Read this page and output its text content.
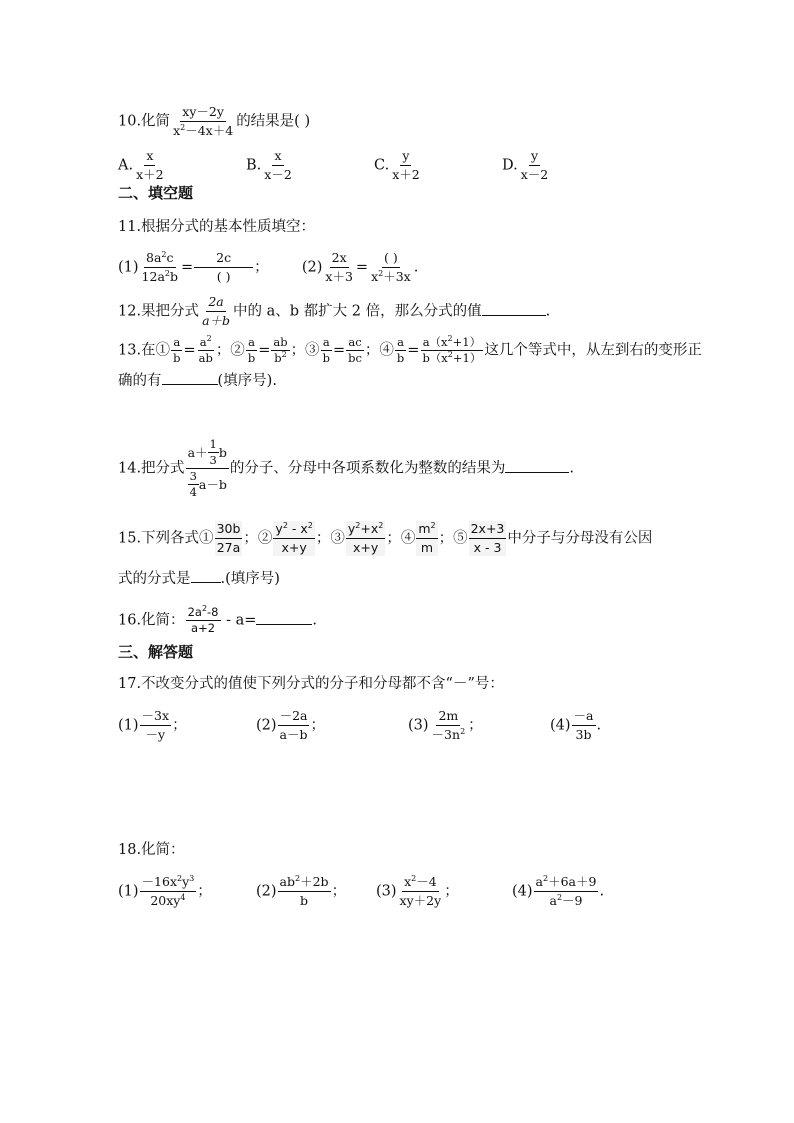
10.化简 $\frac{xy-2y}{x^2-4x+4}$ 的结果是( )
A. $\frac{x}{x+2}$	B. $\frac{x}{x-2}$	C. $\frac{y}{x+2}$	D. $\frac{y}{x-2}$
二、填空题
11.根据分式的基本性质填空：
$(1) \frac{8a^2c}{12a^2b} = \frac{2c}{( )}$ ； $(2) \frac{2x}{x+3} = \frac{( )}{x^2+3x}$ .
12.果把分式 $\frac{2a}{a+b}$ 中的 a、b 都扩大 2 倍，那么分式的值	.
13.在① $\frac{a}{b} = \frac{a^2}{ab}$ ；② $\frac{a}{b} = \frac{ab}{b^2}$ ；③ $\frac{a}{b} = \frac{ac}{bc}$ ；④ $\frac{a}{b} = \frac{a(x^2+1)}{b(x^2+1)}$ 这几个等式中，从左到右的变形正
确的有	(填序号).
14.把分式 $\frac{a+ \frac{1}{3} b}{\frac{3}{4} a-b}$ 的分子、分母中各项系数化为整数的结果为	.
15.下列各式① $\frac{30b}{27a}$ ；② $\frac{y^2 - x^2}{x+y}$ ；③ $\frac{y^2+x^2}{x+y}$ ；④ $\frac{m^2}{m}$ ；⑤ $\frac{2x+3}{x - 3}$ 中分子与分母没有公因
式的分式是 .(填序号)
16.化简： $\frac{2a^2-8}{a+2} - a=$	.
三、解答题
17.不改变分式的值使下列分式的分子和分母都不含“－”号：
$(1) \frac{-3x}{-y}$ ；	$(2) \frac{-2a}{a-b}$ ；	$(3) \frac{2m}{-3n^2}$ ；	$(4) \frac{-a}{3b}$ .
18.化简：
$(1) \frac{-16x^2y^3}{20xy^4}$ ；	$(2) \frac{ab^2+2b}{b}$ ； $(3) \frac{x^2-4}{xy+2y}$ ；	$(4) \frac{a^2+6a+9}{a^2-9}$ .
